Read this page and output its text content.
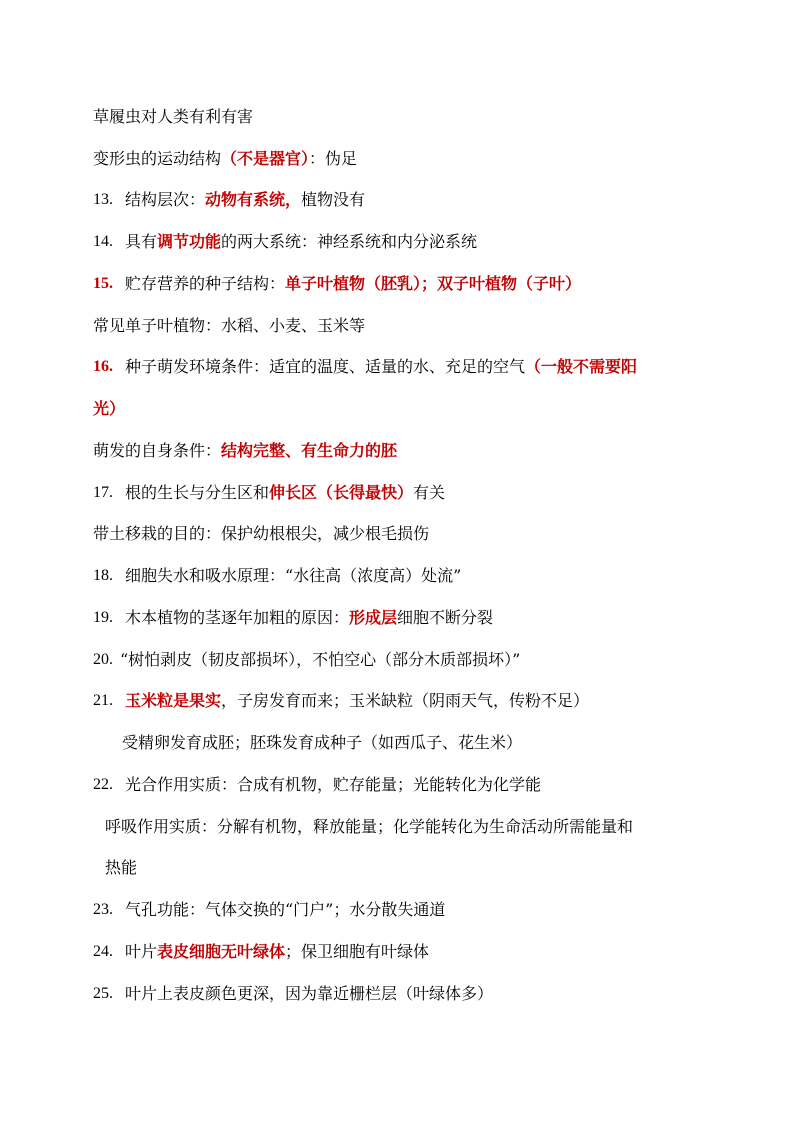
草履虫对人类有利有害
变形虫的运动结构（不是器官）：伪足
13. 结构层次：动物有系统，植物没有
14. 具有调节功能的两大系统：神经系统和内分泌系统
15. 贮存营养的种子结构：单子叶植物（胚乳）；双子叶植物（子叶）
常见单子叶植物：水稻、小麦、玉米等
16. 种子萌发环境条件：适宜的温度、适量的水、充足的空气（一般不需要阳
光）
萌发的自身条件：结构完整、有生命力的胚
17. 根的生长与分生区和伸长区（长得最快）有关
带土移栽的目的：保护幼根根尖，减少根毛损伤
18. 细胞失水和吸水原理：“水往高（浓度高）处流”
19. 木本植物的茎逐年加粗的原因：形成层细胞不断分裂
20. “树怕剥皮（韧皮部损坏），不怕空心（部分木质部损坏）”
21. 玉米粒是果实，子房发育而来；玉米缺粒（阴雨天气，传粉不足）
受精卵发育成胚；胚珠发育成种子（如西瓜子、花生米）
22. 光合作用实质：合成有机物，贮存能量；光能转化为化学能
呼吸作用实质：分解有机物，释放能量；化学能转化为生命活动所需能量和
热能
23. 气孔功能：气体交换的“门户”；水分散失通道
24. 叶片表皮细胞无叶绿体；保卫细胞有叶绿体
25. 叶片上表皮颜色更深，因为靠近栅栏层（叶绿体多）
